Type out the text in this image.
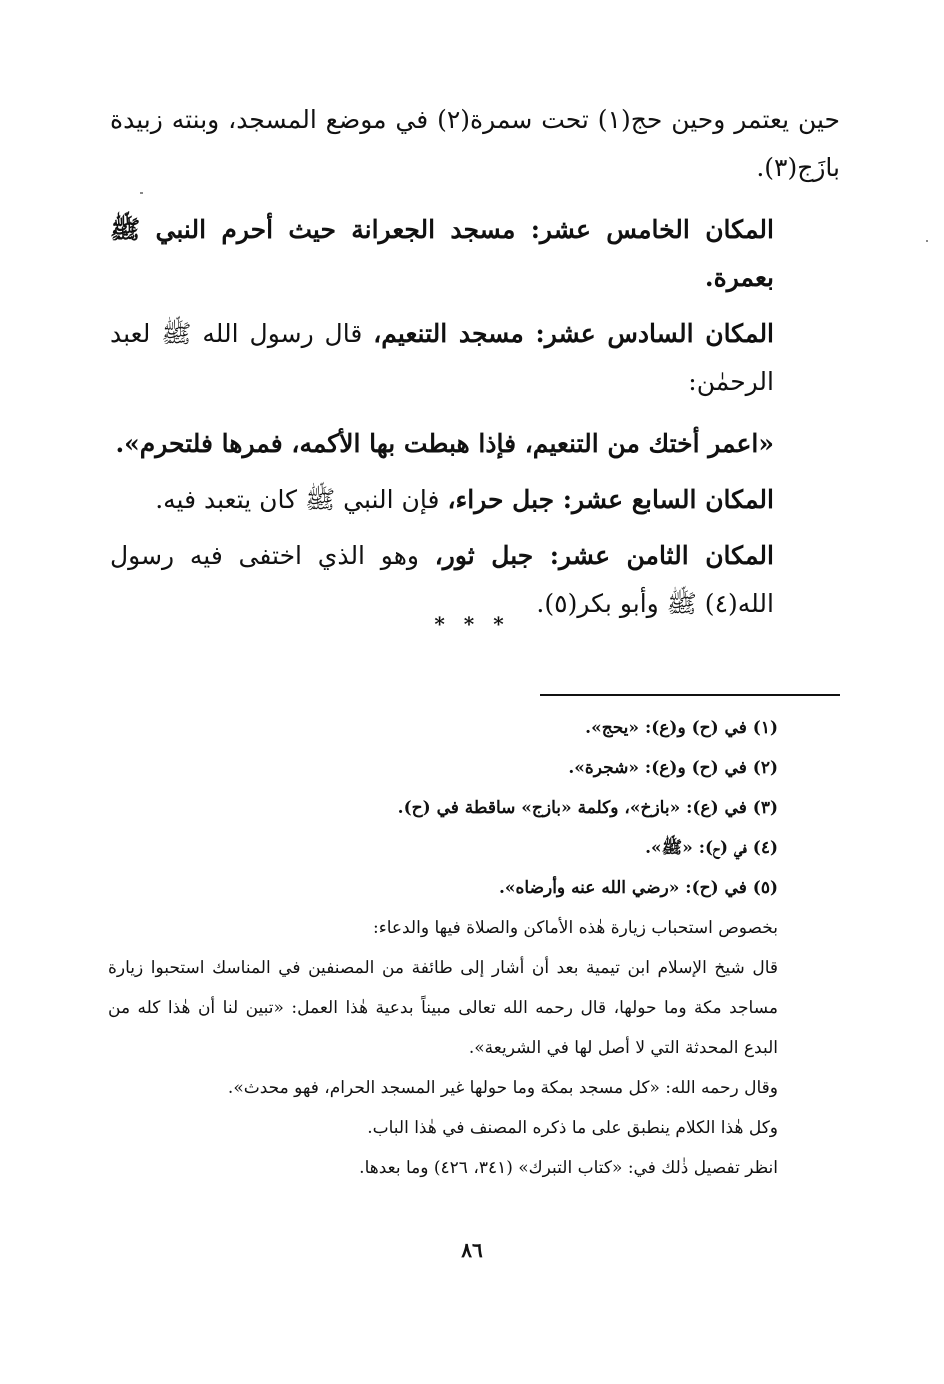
حين يعتمر وحين حج(١) تحت سمرة(٢) في موضع المسجد، وبنته زبيدة بازَج(٣).

المكان الخامس عشر: مسجد الجعرانة حيث أحرم النبي ﷺ بعمرة.

المكان السادس عشر: مسجد التنعيم، قال رسول الله ﷺ لعبد الرحمٰن:

«اعمر أختك من التنعيم، فإذا هبطت بها الأكمه، فمرها فلتحرم».

المكان السابع عشر: جبل حراء، فإن النبي ﷺ كان يتعبد فيه.

المكان الثامن عشر: جبل ثور، وهو الذي اختفى فيه رسول الله(٤) ﷺ وأبو بكر(٥).

* * *

(١) في (ح) و(ع): «يحج».

(٢) في (ح) و(ع): «شجرة».

(٣) في (ع): «بازخ»، وكلمة «بازج» ساقطة في (ح).

(٤) في (ح): «ﷺ».

(٥) في (ح): «رضي الله عنه وأرضاه».

بخصوص استحباب زيارة هٰذه الأماكن والصلاة فيها والدعاء:

قال شيخ الإسلام ابن تيمية بعد أن أشار إلى طائفة من المصنفين في المناسك استحبوا زيارة مساجد مكة وما حولها، قال رحمه الله تعالى مبيناً بدعية هٰذا العمل: «تبين لنا أن هٰذا كله من البدع المحدثة التي لا أصل لها في الشريعة».

وقال رحمه الله: «كل مسجد بمكة وما حولها غير المسجد الحرام، فهو محدث».

وكل هٰذا الكلام ينطبق على ما ذكره المصنف في هٰذا الباب.

انظر تفصيل ذٰلك في: «كتاب التبرك» (٣٤١، ٤٢٦) وما بعدها.

٨٦
